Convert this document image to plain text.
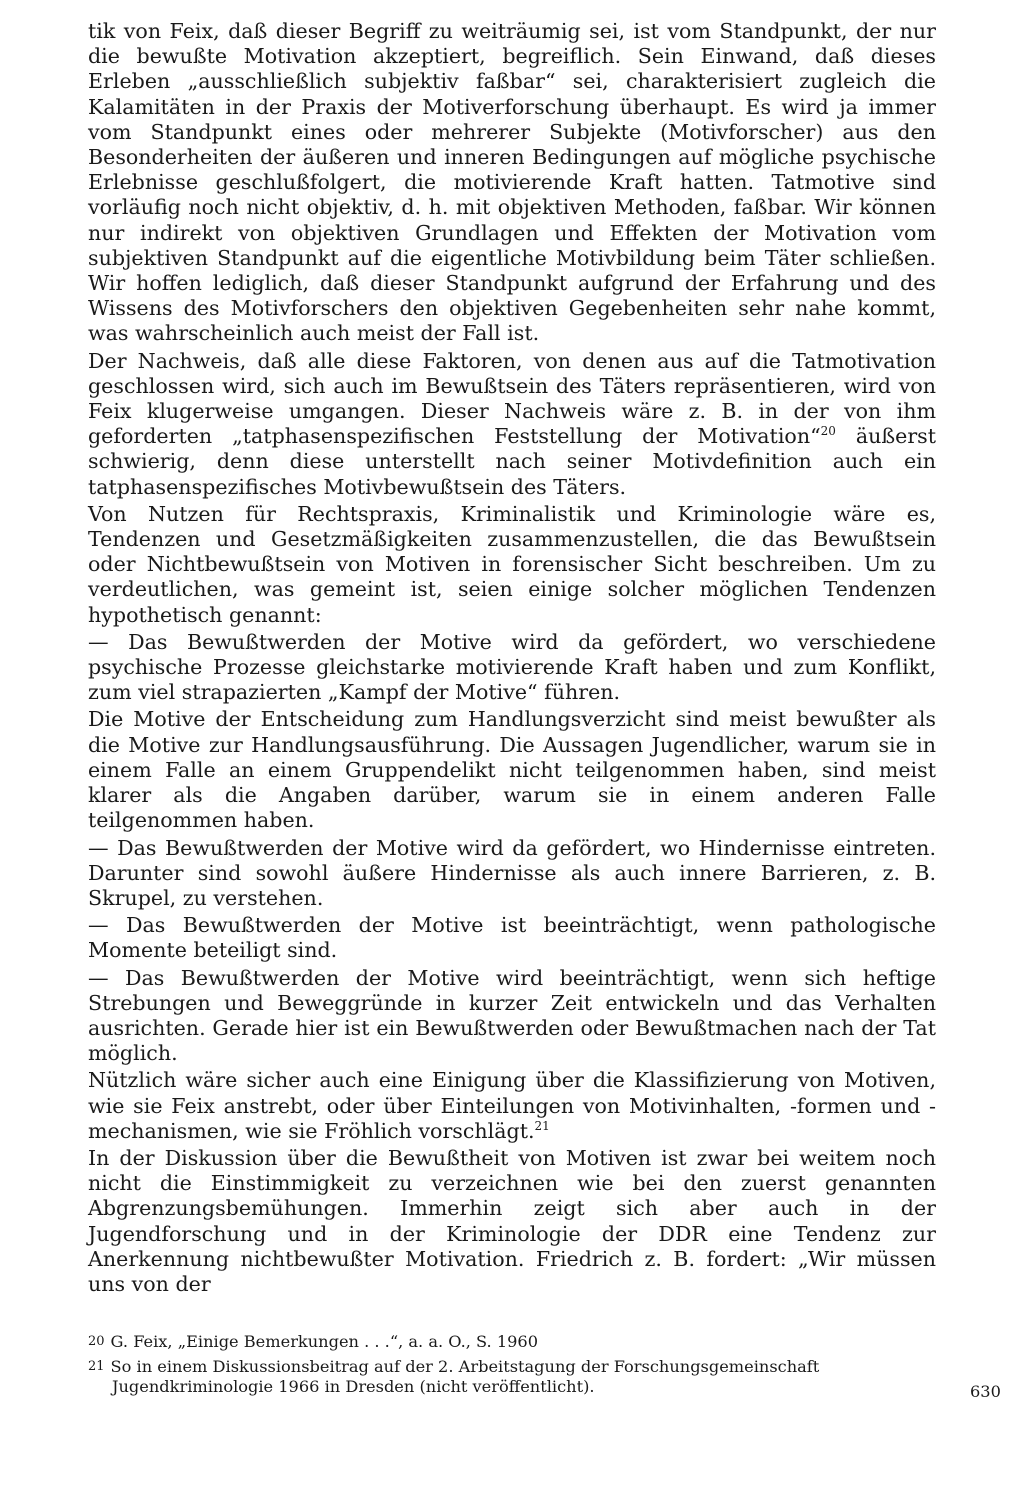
tik von Feix, daß dieser Begriff zu weiträumig sei, ist vom Standpunkt, der nur die bewußte Motivation akzeptiert, begreiflich. Sein Einwand, daß dieses Erleben „ausschließlich subjektiv faßbar“ sei, charakterisiert zugleich die Kalamitäten in der Praxis der Motiverforschung überhaupt. Es wird ja immer vom Standpunkt eines oder mehrerer Subjekte (Motivforscher) aus den Besonderheiten der äußeren und inneren Bedingungen auf mögliche psychische Erlebnisse geschlußfolgert, die motivierende Kraft hatten. Tatmotive sind vorläufig noch nicht objektiv, d. h. mit objektiven Methoden, faßbar. Wir können nur indirekt von objektiven Grundlagen und Effekten der Motivation vom subjektiven Standpunkt auf die eigentliche Motivbildung beim Täter schließen. Wir hoffen lediglich, daß dieser Standpunkt aufgrund der Erfahrung und des Wissens des Motivforschers den objektiven Gegebenheiten sehr nahe kommt, was wahrscheinlich auch meist der Fall ist.

Der Nachweis, daß alle diese Faktoren, von denen aus auf die Tatmotivation geschlossen wird, sich auch im Bewußtsein des Täters repräsentieren, wird von Feix klugerweise umgangen. Dieser Nachweis wäre z. B. in der von ihm geforderten „tatphasenspezifischen Feststellung der Motivation“$^{20}$ äußerst schwierig, denn diese unterstellt nach seiner Motivdefinition auch ein tatphasenspezifisches Motivbewußtsein des Täters.

Von Nutzen für Rechtspraxis, Kriminalistik und Kriminologie wäre es, Tendenzen und Gesetzmäßigkeiten zusammenzustellen, die das Bewußtsein oder Nichtbewußtsein von Motiven in forensischer Sicht beschreiben. Um zu verdeutlichen, was gemeint ist, seien einige solcher möglichen Tendenzen hypothetisch genannt:

— Das Bewußtwerden der Motive wird da gefördert, wo verschiedene psychische Prozesse gleichstarke motivierende Kraft haben und zum Konflikt, zum viel strapazierten „Kampf der Motive“ führen.

Die Motive der Entscheidung zum Handlungsverzicht sind meist bewußter als die Motive zur Handlungsausführung. Die Aussagen Jugendlicher, warum sie in einem Falle an einem Gruppendelikt nicht teilgenommen haben, sind meist klarer als die Angaben darüber, warum sie in einem anderen Falle teilgenommen haben.

— Das Bewußtwerden der Motive wird da gefördert, wo Hindernisse eintreten. Darunter sind sowohl äußere Hindernisse als auch innere Barrieren, z. B. Skrupel, zu verstehen.

— Das Bewußtwerden der Motive ist beeinträchtigt, wenn pathologische Momente beteiligt sind.

— Das Bewußtwerden der Motive wird beeinträchtigt, wenn sich heftige Strebungen und Beweggründe in kurzer Zeit entwickeln und das Verhalten ausrichten. Gerade hier ist ein Bewußtwerden oder Bewußtmachen nach der Tat möglich.

Nützlich wäre sicher auch eine Einigung über die Klassifizierung von Motiven, wie sie Feix anstrebt, oder über Einteilungen von Motivinhalten, -formen und -mechanismen, wie sie Fröhlich vorschlägt.$^{21}$

In der Diskussion über die Bewußtheit von Motiven ist zwar bei weitem noch nicht die Einstimmigkeit zu verzeichnen wie bei den zuerst genannten Abgrenzungsbemühungen. Immerhin zeigt sich aber auch in der Jugendforschung und in der Kriminologie der DDR eine Tendenz zur Anerkennung nichtbewußter Motivation. Friedrich z. B. fordert: „Wir müssen uns von der

20 G. Feix, „Einige Bemerkungen . . .“, a. a. O., S. 1960
21 So in einem Diskussionsbeitrag auf der 2. Arbeitstagung der Forschungsgemeinschaft
Jugendkriminologie 1966 in Dresden (nicht veröffentlicht).	630
